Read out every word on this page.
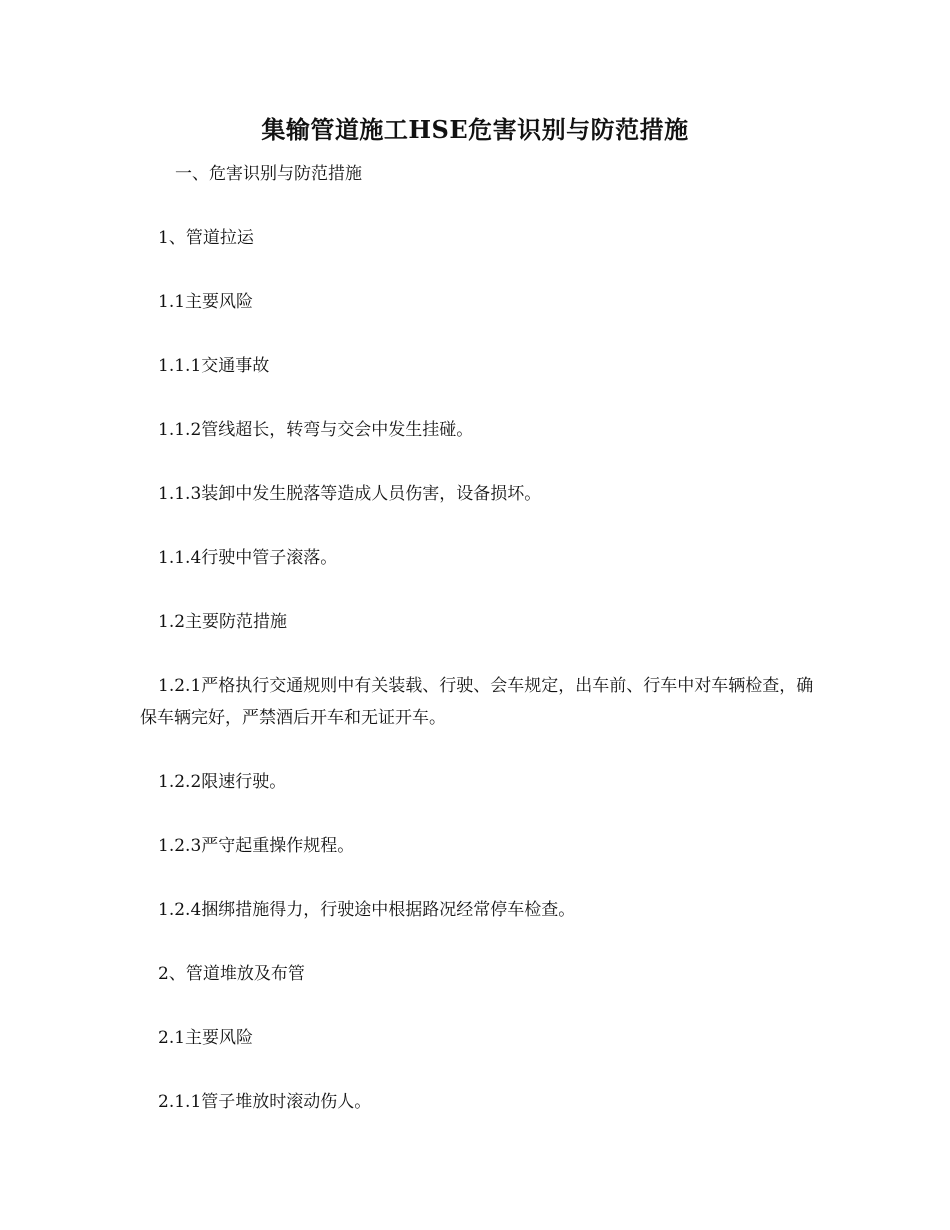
集输管道施工HSE危害识别与防范措施
一、危害识别与防范措施
1、管道拉运
1.1主要风险
1.1.1交通事故
1.1.2管线超长，转弯与交会中发生挂碰。
1.1.3装卸中发生脱落等造成人员伤害，设备损坏。
1.1.4行驶中管子滚落。
1.2主要防范措施
1.2.1严格执行交通规则中有关装载、行驶、会车规定，出车前、行车中对车辆检查，确保车辆完好，严禁酒后开车和无证开车。
1.2.2限速行驶。
1.2.3严守起重操作规程。
1.2.4捆绑措施得力，行驶途中根据路况经常停车检查。
2、管道堆放及布管
2.1主要风险
2.1.1管子堆放时滚动伤人。
